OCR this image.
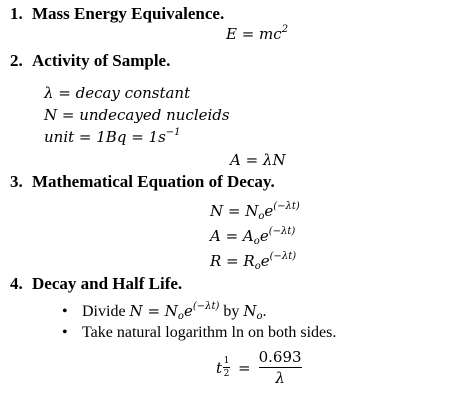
1. Mass Energy Equivalence.
$E = mc^2$
2. Activity of Sample.
λ = decay constant
N = undecayed nucleids
unit = $1Bq = 1s^{-1}$
A = λN
3. Mathematical Equation of Decay.
$N = N_oe^{(-\lambda t)}$
$A = A_oe^{(-\lambda t)}$
$R = R_oe^{(-\lambda t)}$
4. Decay and Half Life.
• Divide $N = N_oe^{(-\lambda t)}$ by $N_o$.
• Take natural logarithm ln on both sides.
t 1
$2 = \frac{0.693}{\lambda}$
